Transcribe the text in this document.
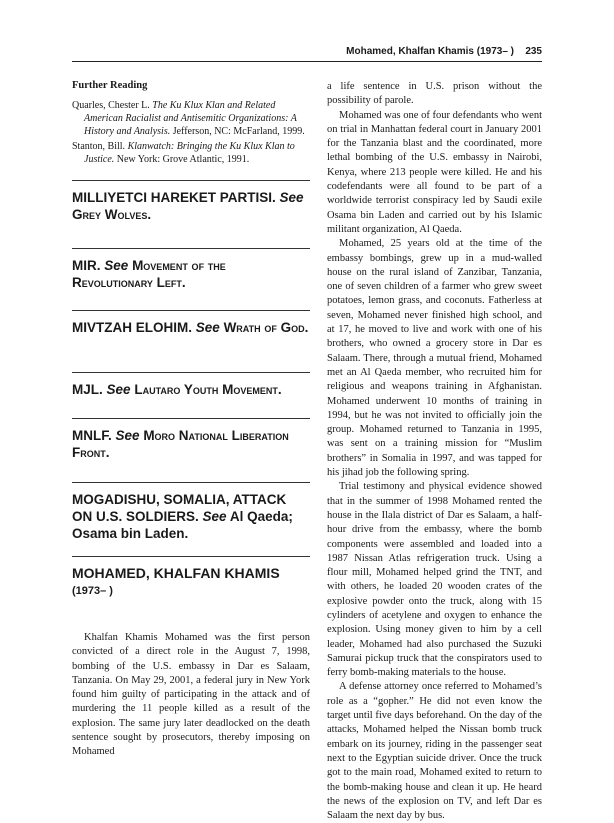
Mohamed, Khalfan Khamis (1973– ) 235

Further Reading

Quarles, Chester L. The Ku Klux Klan and Related American Racialist and Antisemitic Organizations: A History and Analysis. Jefferson, NC: McFarland, 1999.

Stanton, Bill. Klanwatch: Bringing the Ku Klux Klan to Justice. New York: Grove Atlantic, 1991.

MILLIYETCI HAREKET PARTISI. See Grey Wolves.

MIR. See Movement of the Revolutionary Left.

MIVTZAH ELOHIM. See Wrath of God.

MJL. See Lautaro Youth Movement.

MNLF. See Moro National Liberation Front.

MOGADISHU, SOMALIA, ATTACK ON U.S. SOLDIERS. See Al Qaeda; Osama bin Laden.

MOHAMED, KHALFAN KHAMIS

(1973– )

Khalfan Khamis Mohamed was the first person convicted of a direct role in the August 7, 1998, bombing of the U.S. embassy in Dar es Salaam, Tanzania. On May 29, 2001, a federal jury in New York found him guilty of participating in the attack and of murdering the 11 people killed as a result of the explosion. The same jury later deadlocked on the death sentence sought by prosecutors, thereby imposing on Mohamed

a life sentence in U.S. prison without the possibility of parole.

Mohamed was one of four defendants who went on trial in Manhattan federal court in January 2001 for the Tanzania blast and the coordinated, more lethal bombing of the U.S. embassy in Nairobi, Kenya, where 213 people were killed. He and his codefendants were all found to be part of a worldwide terrorist conspiracy led by Saudi exile Osama bin Laden and carried out by his Islamic militant organization, Al Qaeda.

Mohamed, 25 years old at the time of the embassy bombings, grew up in a mud-walled house on the rural island of Zanzibar, Tanzania, one of seven children of a farmer who grew sweet potatoes, lemon grass, and coconuts. Fatherless at seven, Mohamed never finished high school, and at 17, he moved to live and work with one of his brothers, who owned a grocery store in Dar es Salaam. There, through a mutual friend, Mohamed met an Al Qaeda member, who recruited him for religious and weapons training in Afghanistan. Mohamed underwent 10 months of training in 1994, but he was not invited to officially join the group. Mohamed returned to Tanzania in 1995, was sent on a training mission for “Muslim brothers” in Somalia in 1997, and was tapped for his jihad job the following spring.

Trial testimony and physical evidence showed that in the summer of 1998 Mohamed rented the house in the Ilala district of Dar es Salaam, a half-hour drive from the embassy, where the bomb components were assembled and loaded into a 1987 Nissan Atlas refrigeration truck. Using a flour mill, Mohamed helped grind the TNT, and with others, he loaded 20 wooden crates of the explosive powder onto the truck, along with 15 cylinders of acetylene and oxygen to enhance the explosion. Using money given to him by a cell leader, Mohamed had also purchased the Suzuki Samurai pickup truck that the conspirators used to ferry bomb-making materials to the house.

A defense attorney once referred to Mohamed’s role as a “gopher.” He did not even know the target until five days beforehand. On the day of the attacks, Mohamed helped the Nissan bomb truck embark on its journey, riding in the passenger seat next to the Egyptian suicide driver. Once the truck got to the main road, Mohamed exited to return to the bomb-making house and clean it up. He heard the news of the explosion on TV, and left Dar es Salaam the next day by bus.
